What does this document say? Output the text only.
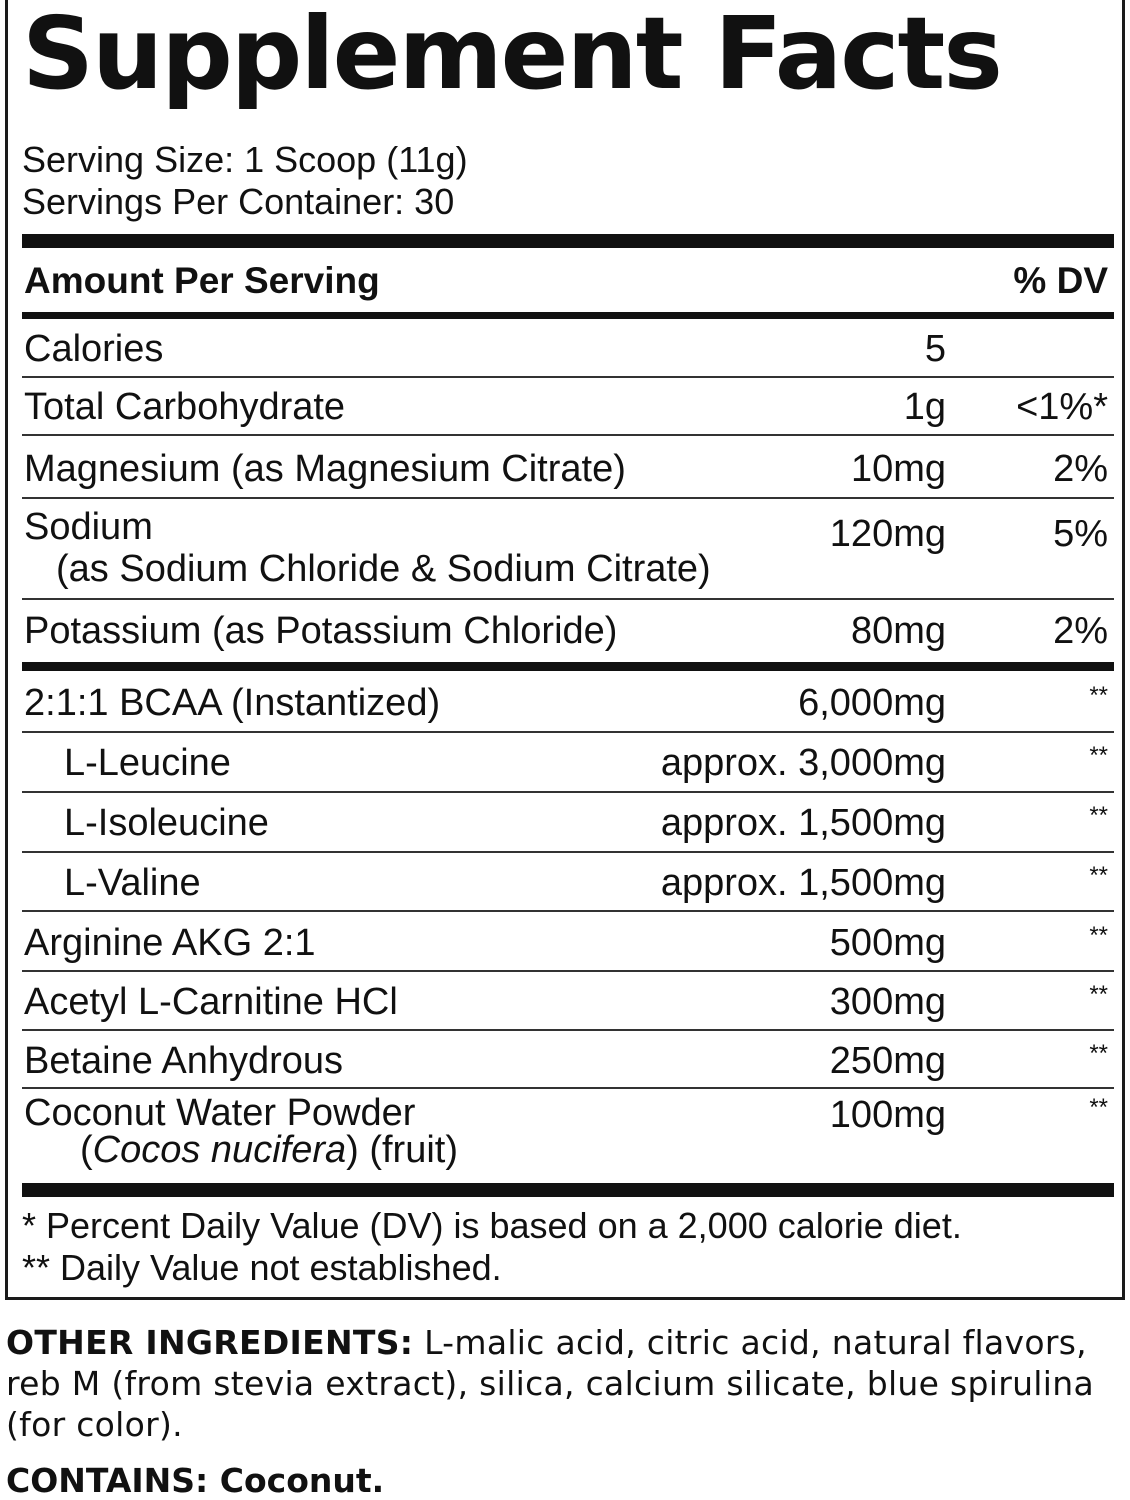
Supplement Facts
Serving Size: 1 Scoop (11g)
Servings Per Container: 30
Amount Per Serving	% DV
Calories	5
Total Carbohydrate	1g <1%*
Magnesium (as Magnesium Citrate)	10mg	2%
Sodium
(as Sodium Chloride & Sodium Citrate)
120mg	5%
Potassium (as Potassium Chloride)	80mg	2%
2:1:1 BCAA (Instantized)	6,000mg	**
L-Leucine	approx. 3,000mg	**
L-Isoleucine	approx. 1,500mg	**
L-Valine	approx. 1,500mg	**
Arginine AKG 2:1	500mg	**
Acetyl L-Carnitine HCl	300mg	**
Betaine Anhydrous	250mg	**
Coconut Water Powder
(Cocos nucifera) (fruit)
100mg	**
* Percent Daily Value (DV) is based on a 2,000 calorie diet.
** Daily Value not established.
OTHER INGREDIENTS: L-malic acid, citric acid, natural flavors, reb M (from stevia extract), silica, calcium silicate, blue spirulina (for color).
CONTAINS: Coconut.
